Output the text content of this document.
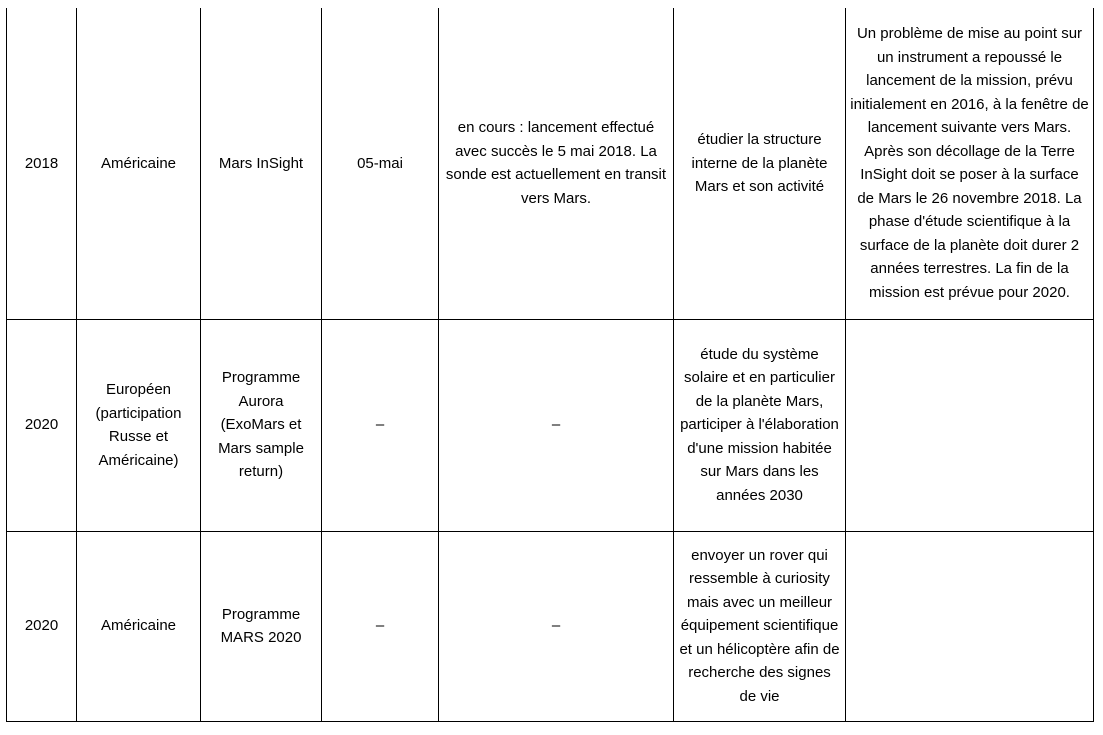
2018	Américaine	Mars InSight	05-mai	en cours : lancement effectué avec succès le 5 mai 2018. La sonde est actuellement en transit vers Mars.	étudier la structure interne de la planète Mars et son activité	Un problème de mise au point sur un instrument a repoussé le lancement de la mission, prévu initialement en 2016, à la fenêtre de lancement suivante vers Mars. Après son décollage de la Terre InSight doit se poser à la surface de Mars le 26 novembre 2018. La phase d'étude scientifique à la surface de la planète doit durer 2 années terrestres. La fin de la mission est prévue pour 2020.
2020	Européen (participation Russe et Américaine)	Programme Aurora (ExoMars et Mars sample return)	–	–	étude du système solaire et en particulier de la planète Mars, participer à l'élaboration d'une mission habitée sur Mars dans les années 2030	
2020	Américaine	Programme MARS 2020	–	–	envoyer un rover qui ressemble à curiosity mais avec un meilleur équipement scientifique et un hélicoptère afin de recherche des signes de vie	
